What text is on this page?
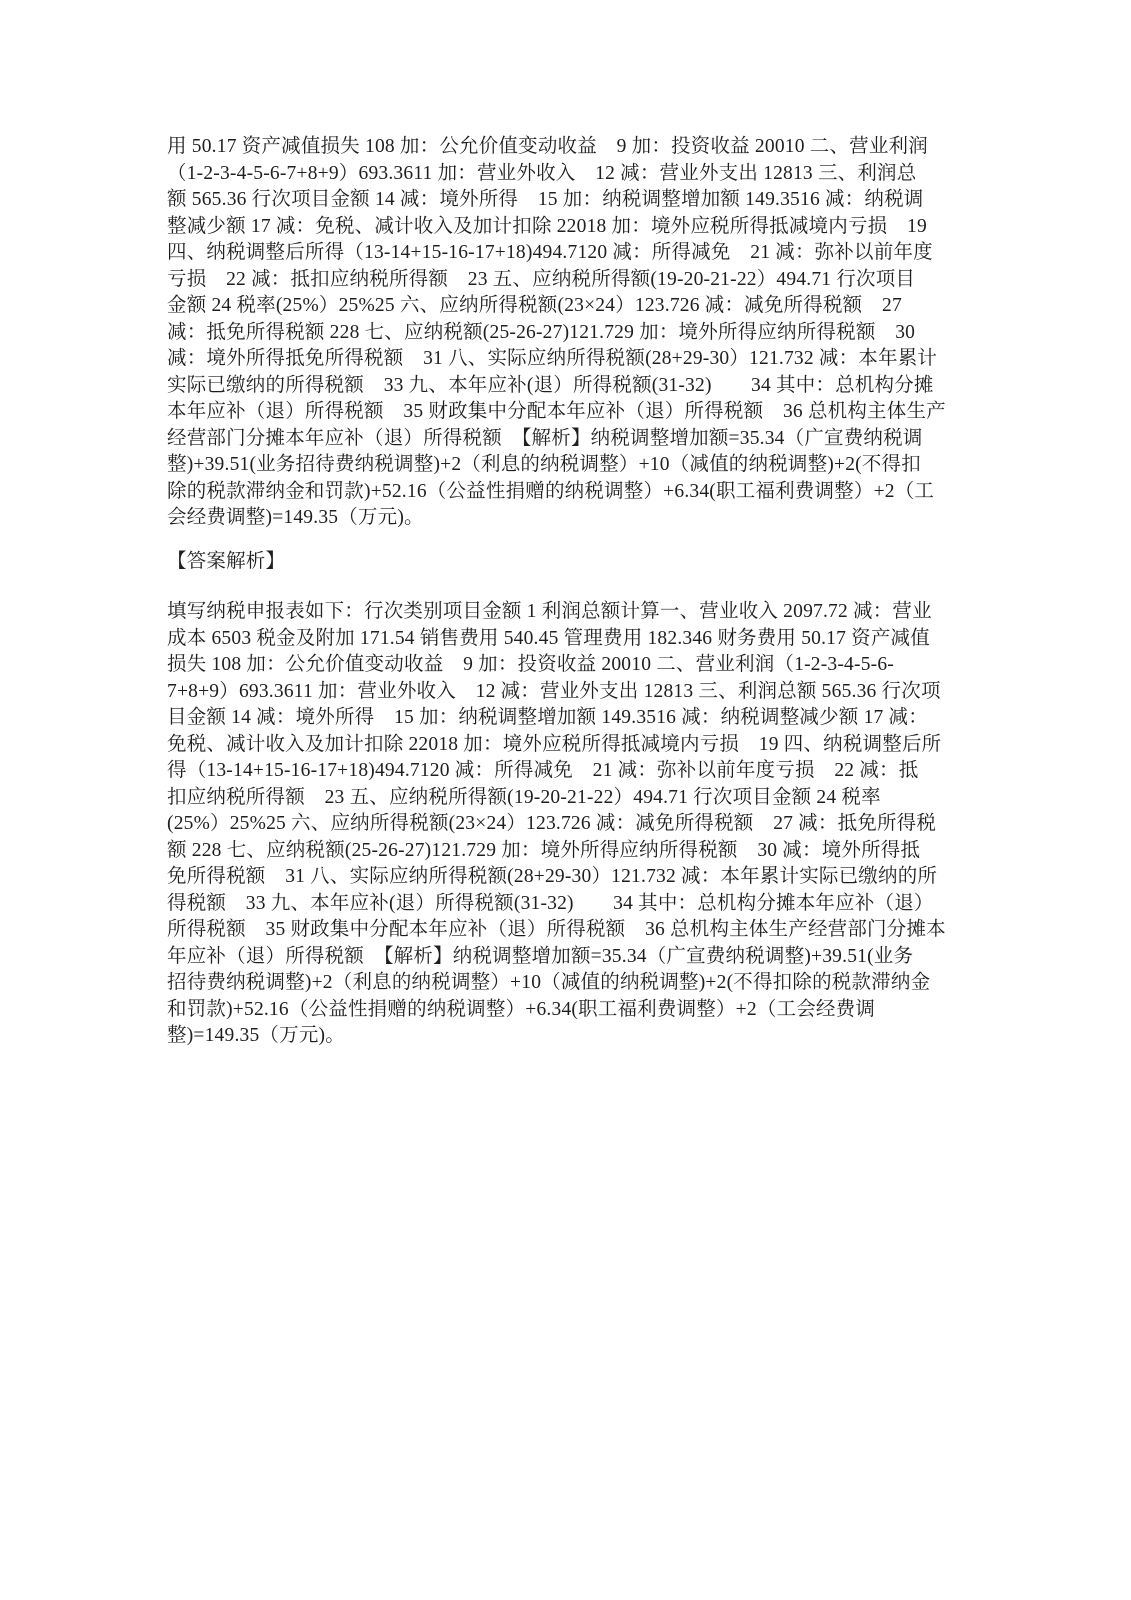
用 50.17 资产减值损失 108 加：公允价值变动收益　9 加：投资收益 20010 二、营业利润
（1-2-3-4-5-6-7+8+9）693.3611 加：营业外收入　12 减：营业外支出 12813 三、利润总
额 565.36 行次项目金额 14 减：境外所得　15 加：纳税调整增加额 149.3516 减：纳税调
整减少额 17 减：免税、减计收入及加计扣除 22018 加：境外应税所得抵减境内亏损　19
四、纳税调整后所得（13-14+15-16-17+18)494.7120 减：所得减免　21 减：弥补以前年度
亏损　22 减：抵扣应纳税所得额　23 五、应纳税所得额(19-20-21-22）494.71 行次项目
金额 24 税率(25%）25%25 六、应纳所得税额(23×24）123.726 减：减免所得税额　27
减：抵免所得税额 228 七、应纳税额(25-26-27)121.729 加：境外所得应纳所得税额　30
减：境外所得抵免所得税额　31 八、实际应纳所得税额(28+29-30）121.732 减：本年累计
实际已缴纳的所得税额　33 九、本年应补(退）所得税额(31-32)　　34 其中：总机构分摊
本年应补（退）所得税额　35 财政集中分配本年应补（退）所得税额　36 总机构主体生产
经营部门分摊本年应补（退）所得税额　【解析】纳税调整增加额=35.34（广宣费纳税调
整)+39.51(业务招待费纳税调整)+2（利息的纳税调整）+10（减值的纳税调整)+2(不得扣
除的税款滞纳金和罚款)+52.16（公益性捐赠的纳税调整）+6.34(职工福利费调整）+2（工
会经费调整)=149.35（万元)。
【答案解析】
填写纳税申报表如下：行次类别项目金额 1 利润总额计算一、营业收入 2097.72 减：营业
成本 6503 税金及附加 171.54 销售费用 540.45 管理费用 182.346 财务费用 50.17 资产减值
损失 108 加：公允价值变动收益　9 加：投资收益 20010 二、营业利润（1-2-3-4-5-6-
7+8+9）693.3611 加：营业外收入　12 减：营业外支出 12813 三、利润总额 565.36 行次项
目金额 14 减：境外所得　15 加：纳税调整增加额 149.3516 减：纳税调整减少额 17 减：
免税、减计收入及加计扣除 22018 加：境外应税所得抵减境内亏损　19 四、纳税调整后所
得（13-14+15-16-17+18)494.7120 减：所得减免　21 减：弥补以前年度亏损　22 减：抵
扣应纳税所得额　23 五、应纳税所得额(19-20-21-22）494.71 行次项目金额 24 税率
(25%）25%25 六、应纳所得税额(23×24）123.726 减：减免所得税额　27 减：抵免所得税
额 228 七、应纳税额(25-26-27)121.729 加：境外所得应纳所得税额　30 减：境外所得抵
免所得税额　31 八、实际应纳所得税额(28+29-30）121.732 减：本年累计实际已缴纳的所
得税额　33 九、本年应补(退）所得税额(31-32)　　34 其中：总机构分摊本年应补（退）
所得税额　35 财政集中分配本年应补（退）所得税额　36 总机构主体生产经营部门分摊本
年应补（退）所得税额　【解析】纳税调整增加额=35.34（广宣费纳税调整)+39.51(业务
招待费纳税调整)+2（利息的纳税调整）+10（减值的纳税调整)+2(不得扣除的税款滞纳金
和罚款)+52.16（公益性捐赠的纳税调整）+6.34(职工福利费调整）+2（工会经费调
整)=149.35（万元)。
